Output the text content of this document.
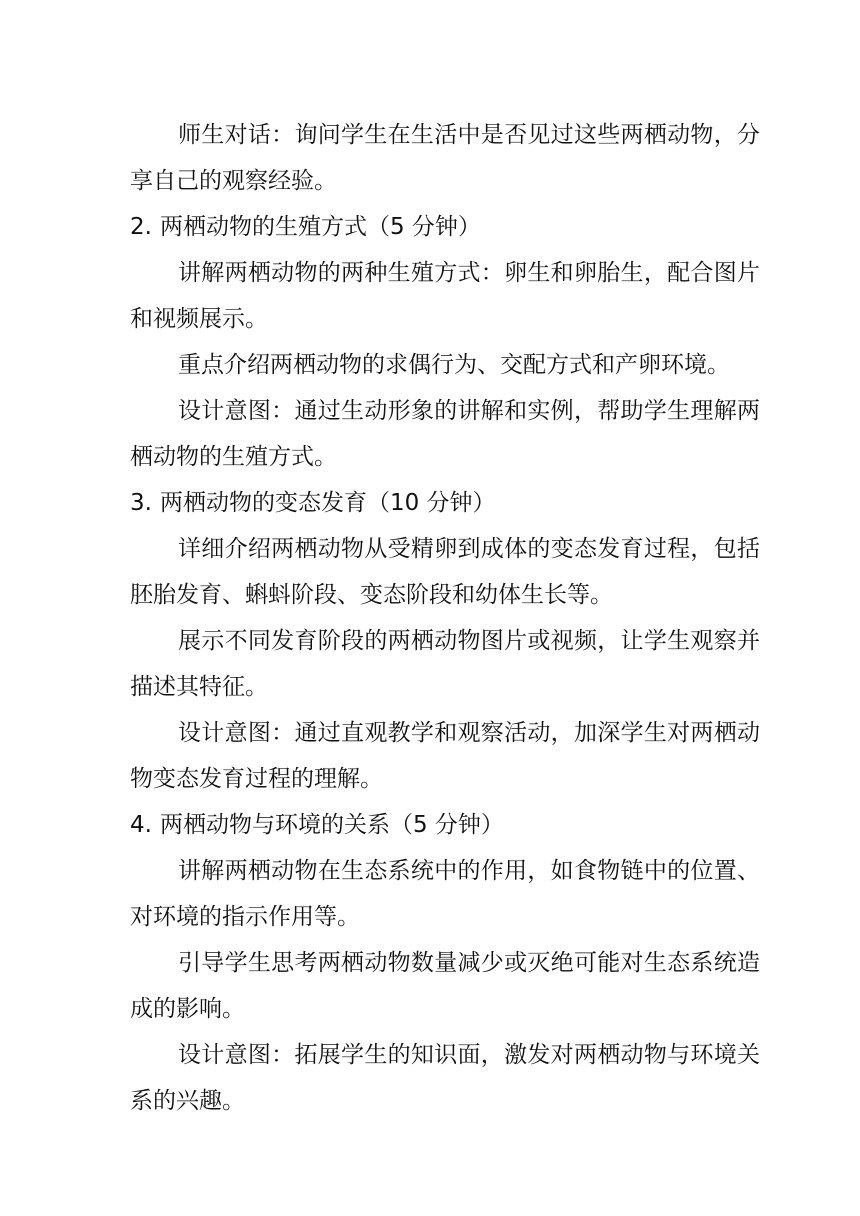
师生对话：询问学生在生活中是否见过这些两栖动物，分享自己的观察经验。

2. 两栖动物的生殖方式（5 分钟）

讲解两栖动物的两种生殖方式：卵生和卵胎生，配合图片和视频展示。

重点介绍两栖动物的求偶行为、交配方式和产卵环境。

设计意图：通过生动形象的讲解和实例，帮助学生理解两栖动物的生殖方式。

3. 两栖动物的变态发育（10 分钟）

详细介绍两栖动物从受精卵到成体的变态发育过程，包括胚胎发育、蝌蚪阶段、变态阶段和幼体生长等。

展示不同发育阶段的两栖动物图片或视频，让学生观察并描述其特征。

设计意图：通过直观教学和观察活动，加深学生对两栖动物变态发育过程的理解。

4. 两栖动物与环境的关系（5 分钟）

讲解两栖动物在生态系统中的作用，如食物链中的位置、对环境的指示作用等。

引导学生思考两栖动物数量减少或灭绝可能对生态系统造成的影响。

设计意图：拓展学生的知识面，激发对两栖动物与环境关系的兴趣。
